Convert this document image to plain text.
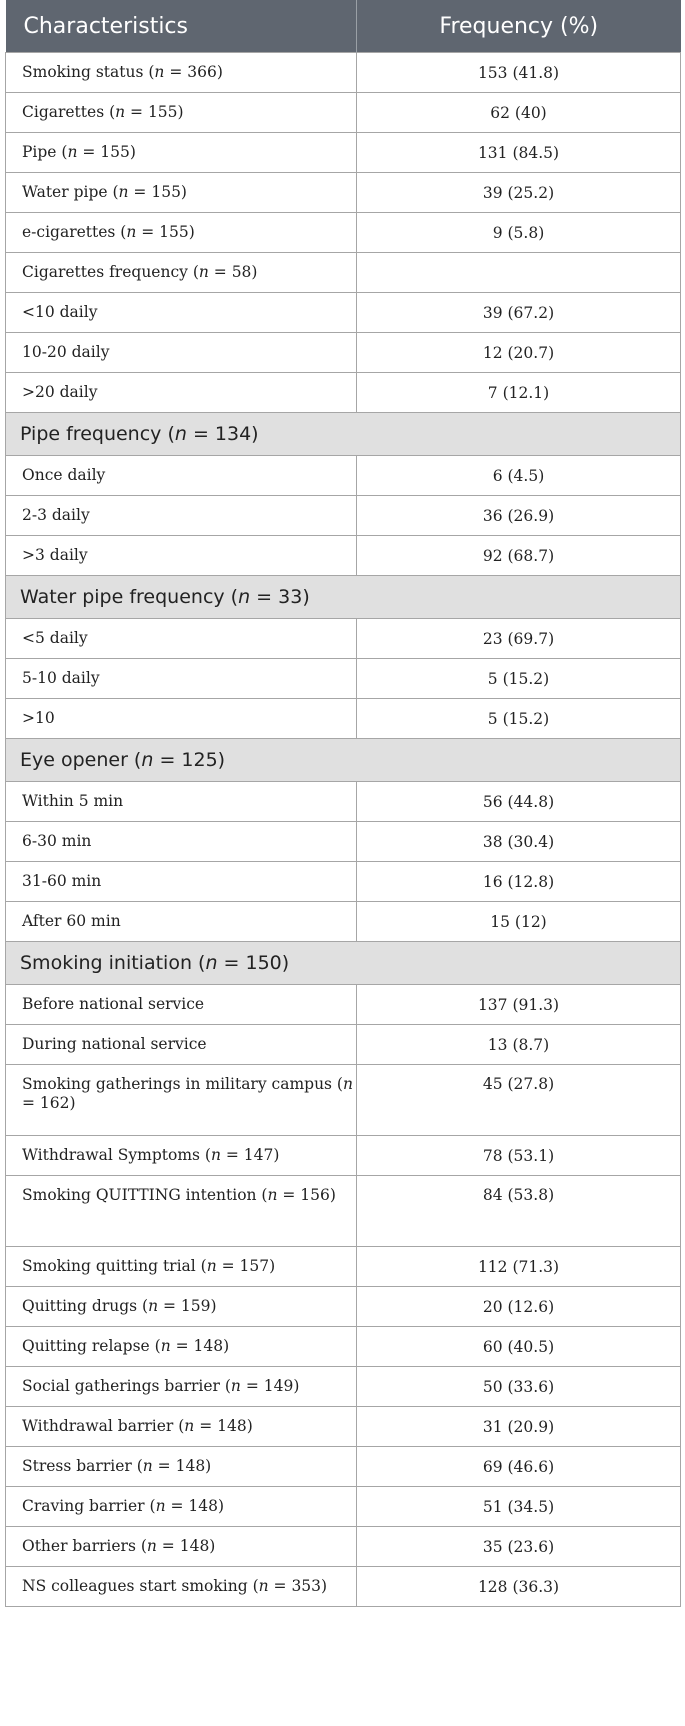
Characteristics	Frequency (%)
Smoking status (n = 366)	153 (41.8)
Cigarettes (n = 155)	62 (40)
Pipe (n = 155)	131 (84.5)
Water pipe (n = 155)	39 (25.2)
e-cigarettes (n = 155)	9 (5.8)
Cigarettes frequency (n = 58)	
<10 daily	39 (67.2)
10-20 daily	12 (20.7)
>20 daily	7 (12.1)
Pipe frequency (n = 134)	
Once daily	6 (4.5)
2-3 daily	36 (26.9)
>3 daily	92 (68.7)
Water pipe frequency (n = 33)	
<5 daily	23 (69.7)
5-10 daily	5 (15.2)
>10	5 (15.2)
Eye opener (n = 125)	
Within 5 min	56 (44.8)
6-30 min	38 (30.4)
31-60 min	16 (12.8)
After 60 min	15 (12)
Smoking initiation (n = 150)	
Before national service	137 (91.3)
During national service	13 (8.7)
Smoking gatherings in military campus (n = 162)	45 (27.8)
Withdrawal Symptoms (n = 147)	78 (53.1)
Smoking QUITTING intention (n = 156)	84 (53.8)
Smoking quitting trial (n = 157)	112 (71.3)
Quitting drugs (n = 159)	20 (12.6)
Quitting relapse (n = 148)	60 (40.5)
Social gatherings barrier (n = 149)	50 (33.6)
Withdrawal barrier (n = 148)	31 (20.9)
Stress barrier (n = 148)	69 (46.6)
Craving barrier (n = 148)	51 (34.5)
Other barriers (n = 148)	35 (23.6)
NS colleagues start smoking (n = 353)	128 (36.3)
